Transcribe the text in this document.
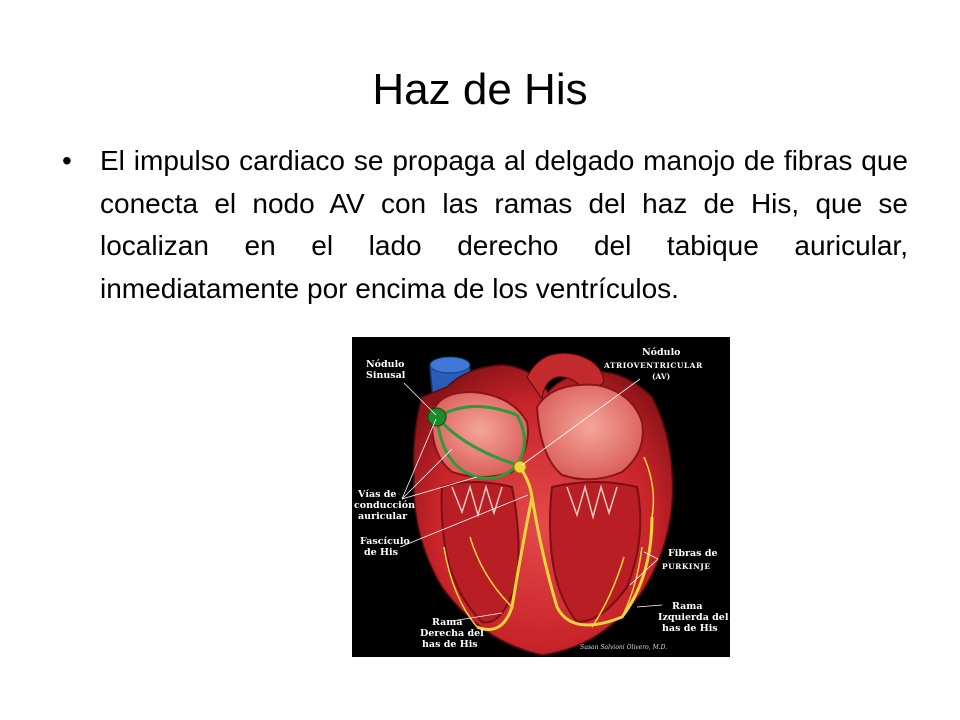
Haz de His
• El impulso cardiaco se propaga al delgado manojo de fibras que conecta el nodo AV con las ramas del haz de His, que se localizan en el lado derecho del tabique auricular, inmediatamente por encima de los ventrículos.
Nódulo
Sinusal
Nódulo
ATRIOVENTRICULAR
(AV)
Vías de
conducción
auricular
Fascículo
de His	Fibras de
PURKINJE
Rama
Izquierda del
has de His
Rama
Derecha del
has de His	Susan Salvioni Olivero, M.D.
